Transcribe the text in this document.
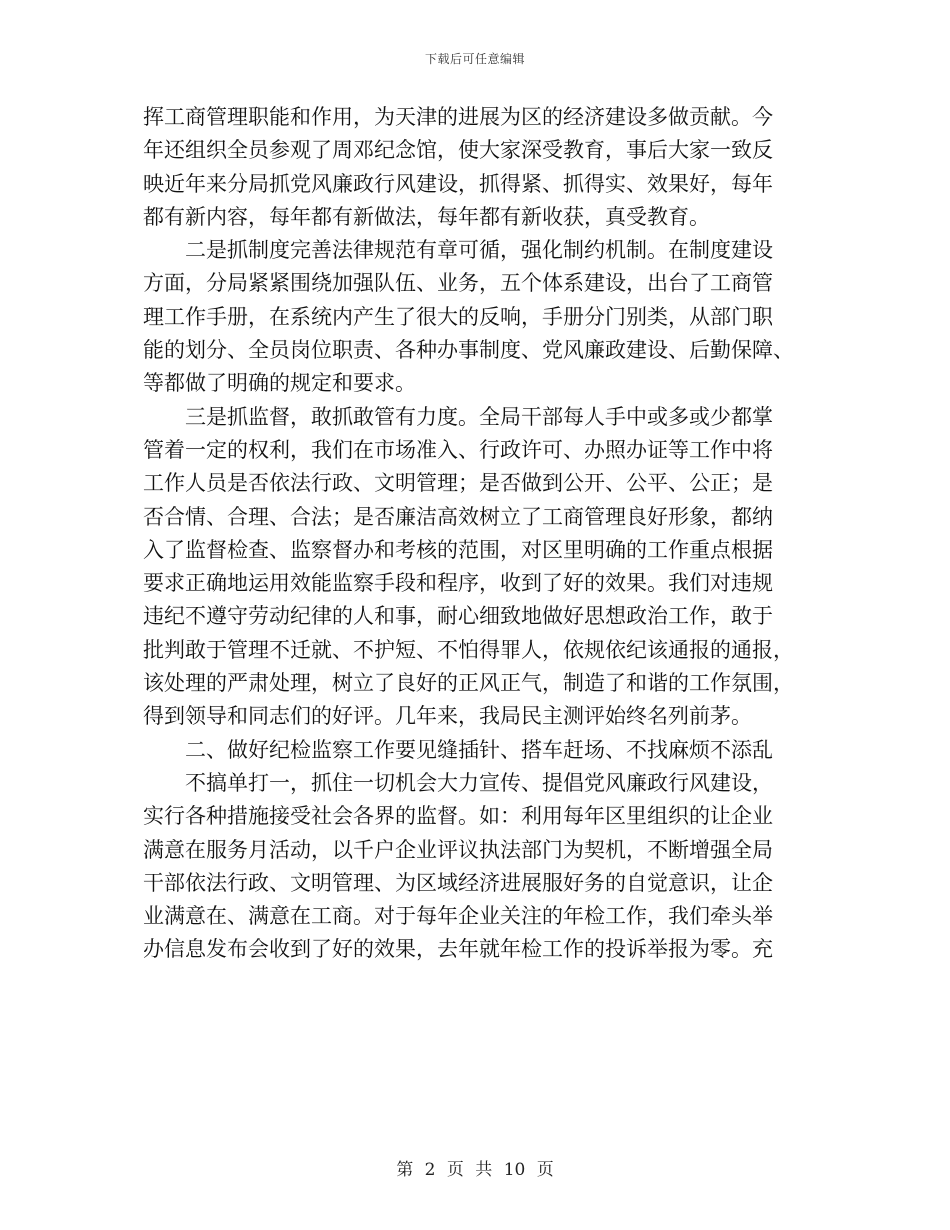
下载后可任意编辑

挥工商管理职能和作用，为天津的进展为区的经济建设多做贡献。今

年还组织全员参观了周邓纪念馆，使大家深受教育，事后大家一致反

映近年来分局抓党风廉政行风建设，抓得紧、抓得实、效果好，每年

都有新内容，每年都有新做法，每年都有新收获，真受教育。

　　二是抓制度完善法律规范有章可循，强化制约机制。在制度建设

方面，分局紧紧围绕加强队伍、业务，五个体系建设，出台了工商管

理工作手册，在系统内产生了很大的反响，手册分门别类，从部门职

能的划分、全员岗位职责、各种办事制度、党风廉政建设、后勤保障、

等都做了明确的规定和要求。

　　三是抓监督，敢抓敢管有力度。全局干部每人手中或多或少都掌

管着一定的权利，我们在市场准入、行政许可、办照办证等工作中将

工作人员是否依法行政、文明管理；是否做到公开、公平、公正；是

否合情、合理、合法；是否廉洁高效树立了工商管理良好形象，都纳

入了监督检查、监察督办和考核的范围，对区里明确的工作重点根据

要求正确地运用效能监察手段和程序，收到了好的效果。我们对违规

违纪不遵守劳动纪律的人和事，耐心细致地做好思想政治工作，敢于

批判敢于管理不迁就、不护短、不怕得罪人，依规依纪该通报的通报，

该处理的严肃处理，树立了良好的正风正气，制造了和谐的工作氛围，

得到领导和同志们的好评。几年来，我局民主测评始终名列前茅。

　　二、做好纪检监察工作要见缝插针、搭车赶场、不找麻烦不添乱

　　不搞单打一，抓住一切机会大力宣传、提倡党风廉政行风建设，

实行各种措施接受社会各界的监督。如：利用每年区里组织的让企业

满意在服务月活动，以千户企业评议执法部门为契机，不断增强全局

干部依法行政、文明管理、为区域经济进展服好务的自觉意识，让企

业满意在、满意在工商。对于每年企业关注的年检工作，我们牵头举

办信息发布会收到了好的效果，去年就年检工作的投诉举报为零。充

第 2 页 共 10 页
